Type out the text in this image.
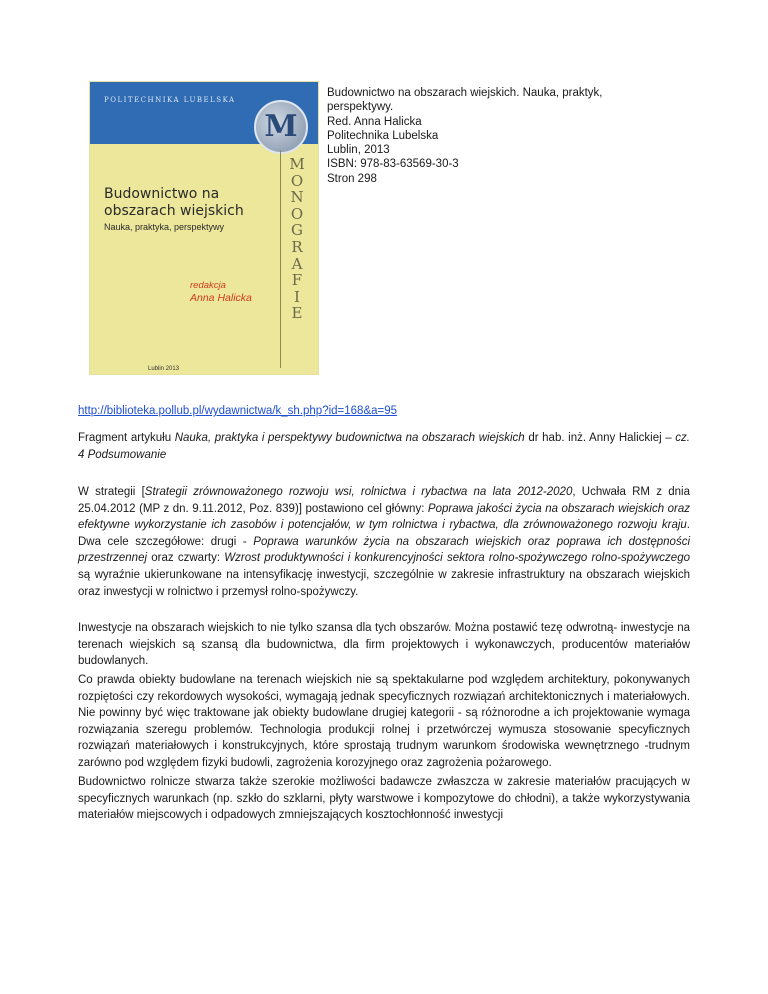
POLITECHNIKA LUBELSKA
M
M
O
N
O
G
R
A
F
I
E
Budownictwo na obszarach wiejskich
Nauka, praktyka, perspektywy
redakcja
Anna Halicka
Lublin 2013
Budownictwo na obszarach wiejskich. Nauka, praktyk,
perspektywy.
Red. Anna Halicka
Politechnika Lubelska
Lublin, 2013
ISBN: 978-83-63569-30-3
Stron 298
http://biblioteka.pollub.pl/wydawnictwa/k_sh.php?id=168&a=95

Fragment artykułu Nauka, praktyka i perspektywy budownictwa na obszarach wiejskich dr hab. inż. Anny Halickiej – cz. 4 Podsumowanie

W strategii [Strategii zrównoważonego rozwoju wsi, rolnictwa i rybactwa na lata 2012-2020, Uchwała RM z dnia 25.04.2012 (MP z dn. 9.11.2012, Poz. 839)] postawiono cel główny: Poprawa jakości życia na obszarach wiejskich oraz efektywne wykorzystanie ich zasobów i potencjałów, w tym rolnictwa i rybactwa, dla zrównoważonego rozwoju kraju. Dwa cele szczegółowe: drugi - Poprawa warunków życia na obszarach wiejskich oraz poprawa ich dostępności przestrzennej oraz czwarty: Wzrost produktywności i konkurencyjności sektora rolno-spożywczego rolno-spożywczego są wyraźnie ukierunkowane na intensyfikację inwestycji, szczególnie w zakresie infrastruktury na obszarach wiejskich oraz inwestycji w rolnictwo i przemysł rolno-spożywczy.

Inwestycje na obszarach wiejskich to nie tylko szansa dla tych obszarów. Można postawić tezę odwrotną- inwestycje na terenach wiejskich są szansą dla budownictwa, dla firm projektowych i wykonawczych, producentów materiałów budowlanych.

Co prawda obiekty budowlane na terenach wiejskich nie są spektakularne pod względem architektury, pokonywanych rozpiętości czy rekordowych wysokości, wymagają jednak specyficznych rozwiązań architektonicznych i materiałowych. Nie powinny być więc traktowane jak obiekty budowlane drugiej kategorii - są różnorodne a ich projektowanie wymaga rozwiązania szeregu problemów. Technologia produkcji rolnej i przetwórczej wymusza stosowanie specyficznych rozwiązań materiałowych i konstrukcyjnych, które sprostają trudnym warunkom środowiska wewnętrznego -trudnym zarówno pod względem fizyki budowli, zagrożenia korozyjnego oraz zagrożenia pożarowego.

Budownictwo rolnicze stwarza także szerokie możliwości badawcze zwłaszcza w zakresie materiałów pracujących w specyficznych warunkach (np. szkło do szklarni, płyty warstwowe i kompozytowe do chłodni), a także wykorzystywania materiałów miejscowych i odpadowych zmniejszających kosztochłonność inwestycji
